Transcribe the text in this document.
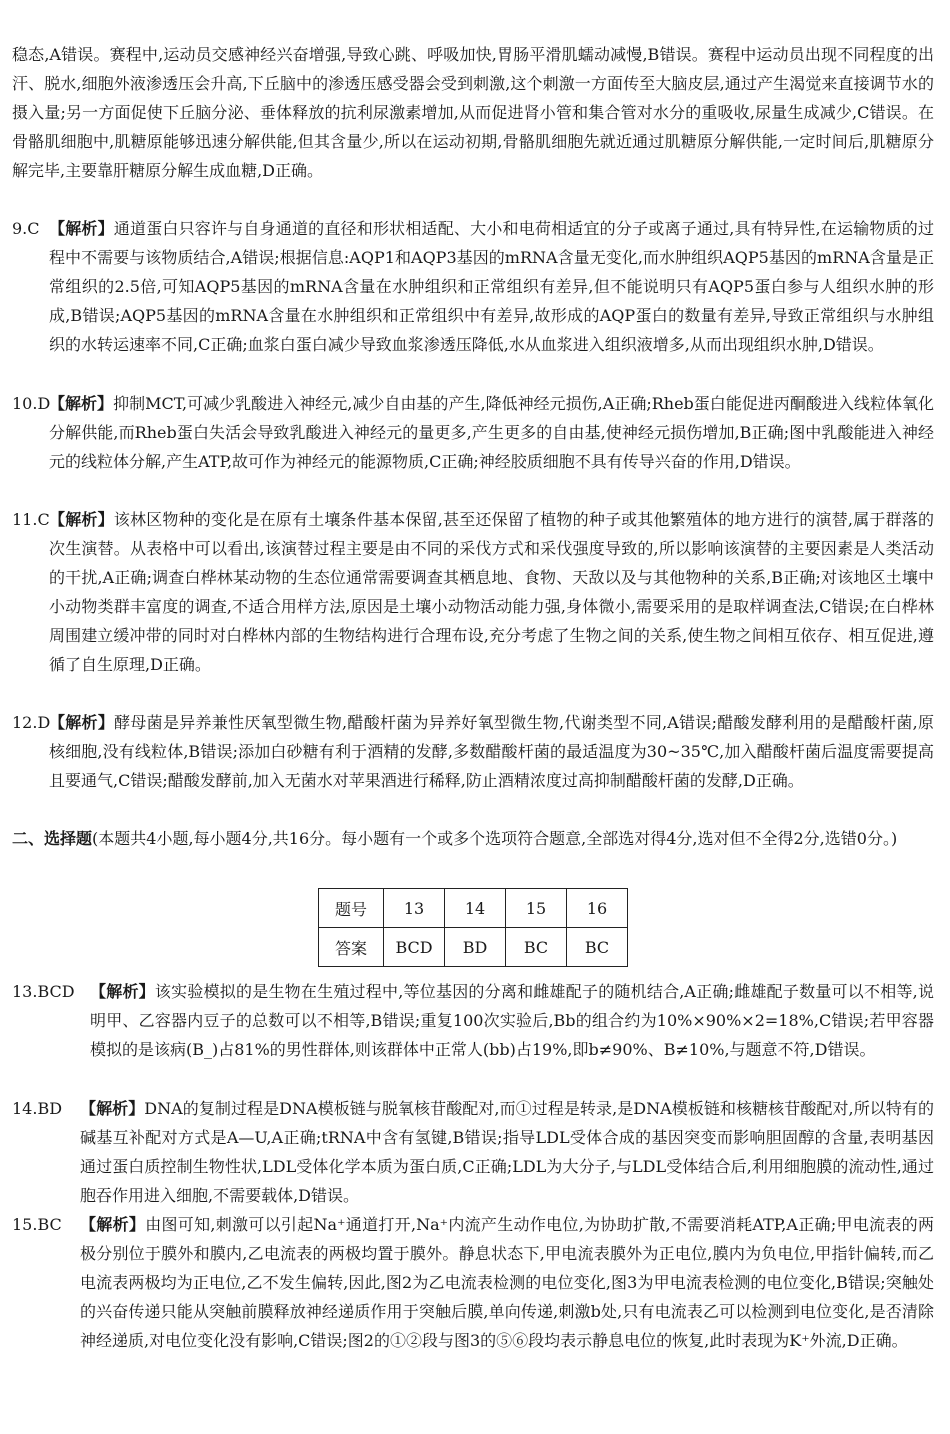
稳态,A错误。赛程中,运动员交感神经兴奋增强,导致心跳、呼吸加快,胃肠平滑肌蠕动减慢,B错误。赛程中运动员出现不同程度的出汗、脱水,细胞外液渗透压会升高,下丘脑中的渗透压感受器会受到刺激,这个刺激一方面传至大脑皮层,通过产生渴觉来直接调节水的摄入量;另一方面促使下丘脑分泌、垂体释放的抗利尿激素增加,从而促进肾小管和集合管对水分的重吸收,尿量生成减少,C错误。在骨骼肌细胞中,肌糖原能够迅速分解供能,但其含量少,所以在运动初期,骨骼肌细胞先就近通过肌糖原分解供能,一定时间后,肌糖原分解完毕,主要靠肝糖原分解生成血糖,D正确。
9.C 【解析】通道蛋白只容许与自身通道的直径和形状相适配、大小和电荷相适宜的分子或离子通过,具有特异性,在运输物质的过程中不需要与该物质结合,A错误;根据信息:AQP1和AQP3基因的mRNA含量无变化,而水肿组织AQP5基因的mRNA含量是正常组织的2.5倍,可知AQP5基因的mRNA含量在水肿组织和正常组织有差异,但不能说明只有AQP5蛋白参与人组织水肿的形成,B错误;AQP5基因的mRNA含量在水肿组织和正常组织中有差异,故形成的AQP蛋白的数量有差异,导致正常组织与水肿组织的水转运速率不同,C正确;血浆白蛋白减少导致血浆渗透压降低,水从血浆进入组织液增多,从而出现组织水肿,D错误。
10.D
【解析】抑制MCT,可减少乳酸进入神经元,减少自由基的产生,降低神经元损伤,A正确;Rheb蛋白能促进丙酮酸进入线粒体氧化分解供能,而Rheb蛋白失活会导致乳酸进入神经元的量更多,产生更多的自由基,使神经元损伤增加,B正确;图中乳酸能进入神经元的线粒体分解,产生ATP,故可作为神经元的能源物质,C正确;神经胶质细胞不具有传导兴奋的作用,D错误。
11.C 【解析】该林区物种的变化是在原有土壤条件基本保留,甚至还保留了植物的种子或其他繁殖体的地方进行的演替,属于群落的次生演替。从表格中可以看出,该演替过程主要是由不同的采伐方式和采伐强度导致的,所以影响该演替的主要因素是人类活动的干扰,A正确;调查白桦林某动物的生态位通常需要调查其栖息地、食物、天敌以及与其他物种的关系,B正确;对该地区土壤中小动物类群丰富度的调查,不适合用样方法,原因是土壤小动物活动能力强,身体微小,需要采用的是取样调查法,C错误;在白桦林周围建立缓冲带的同时对白桦林内部的生物结构进行合理布设,充分考虑了生物之间的关系,使生物之间相互依存、相互促进,遵循了自生原理,D正确。
12.D
【解析】酵母菌是异养兼性厌氧型微生物,醋酸杆菌为异养好氧型微生物,代谢类型不同,A错误;醋酸发酵利用的是醋酸杆菌,原核细胞,没有线粒体,B错误;添加白砂糖有利于酒精的发酵,多数醋酸杆菌的最适温度为30~35℃,加入醋酸杆菌后温度需要提高且要通气,C错误;醋酸发酵前,加入无菌水对苹果酒进行稀释,防止酒精浓度过高抑制醋酸杆菌的发酵,D正确。
二、选择题(本题共4小题,每小题4分,共16分。每小题有一个或多个选项符合题意,全部选对得4分,选对但不全得2分,选错0分。)
题号	13	14	15	16
答案	BCD	BD	BC	BC
13.BCD 【解析】该实验模拟的是生物在生殖过程中,等位基因的分离和雌雄配子的随机结合,A正确;雌雄配子数量可以不相等,说明甲、乙容器内豆子的总数可以不相等,B错误;重复100次实验后,Bb的组合约为10%×90%×2=18%,C错误;若甲容器模拟的是该病(B_)占81%的男性群体,则该群体中正常人(bb)占19%,即b≠90%、B≠10%,与题意不符,D错误。
14.BD 【解析】DNA的复制过程是DNA模板链与脱氧核苷酸配对,而①过程是转录,是DNA模板链和核糖核苷酸配对,所以特有的碱基互补配对方式是A—U,A正确;tRNA中含有氢键,B错误;指导LDL受体合成的基因突变而影响胆固醇的含量,表明基因通过蛋白质控制生物性状,LDL受体化学本质为蛋白质,C正确;LDL为大分子,与LDL受体结合后,利用细胞膜的流动性,通过胞吞作用进入细胞,不需要载体,D错误。
15.BC 【解析】由图可知,刺激可以引起Na⁺通道打开,Na⁺内流产生动作电位,为协助扩散,不需要消耗ATP,A正确;甲电流表的两极分别位于膜外和膜内,乙电流表的两极均置于膜外。静息状态下,甲电流表膜外为正电位,膜内为负电位,甲指针偏转,而乙电流表两极均为正电位,乙不发生偏转,因此,图2为乙电流表检测的电位变化,图3为甲电流表检测的电位变化,B错误;突触处的兴奋传递只能从突触前膜释放神经递质作用于突触后膜,单向传递,刺激b处,只有电流表乙可以检测到电位变化,是否清除神经递质,对电位变化没有影响,C错误;图2的①②段与图3的⑤⑥段均表示静息电位的恢复,此时表现为K⁺外流,D正确。
